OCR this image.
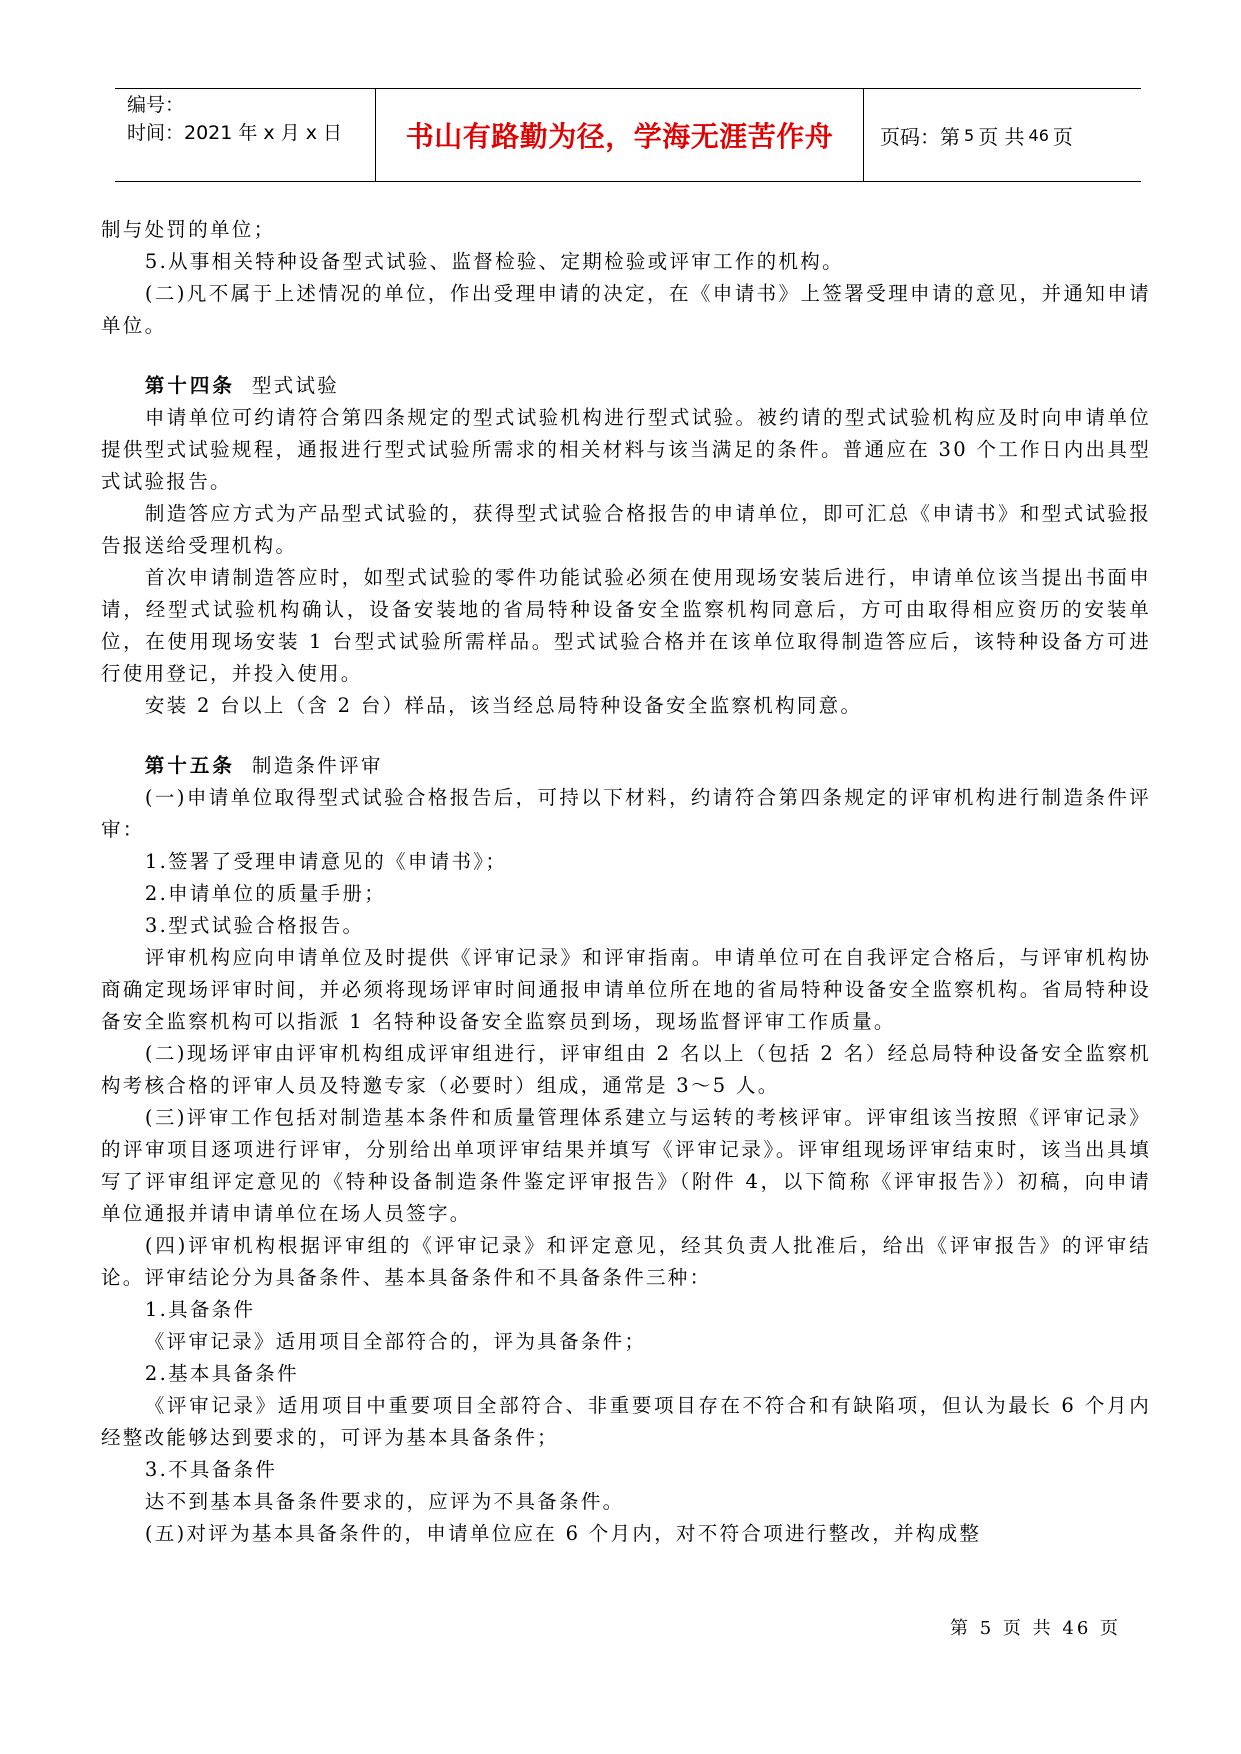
编号：
时间：2021 年 x 月 x 日	书山有路勤为径，学海无涯苦作舟	页码：第 5 页 共 46 页

制与处罚的单位；

5.从事相关特种设备型式试验、监督检验、定期检验或评审工作的机构。

(二)凡不属于上述情况的单位，作出受理申请的决定，在《申请书》上签署受理申请的意见，并通知申请单位。

第十四条 型式试验

申请单位可约请符合第四条规定的型式试验机构进行型式试验。被约请的型式试验机构应及时向申请单位提供型式试验规程，通报进行型式试验所需求的相关材料与该当满足的条件。普通应在 30 个工作日内出具型式试验报告。

制造答应方式为产品型式试验的，获得型式试验合格报告的申请单位，即可汇总《申请书》和型式试验报告报送给受理机构。

首次申请制造答应时，如型式试验的零件功能试验必须在使用现场安装后进行，申请单位该当提出书面申请，经型式试验机构确认，设备安装地的省局特种设备安全监察机构同意后，方可由取得相应资历的安装单位，在使用现场安装 1 台型式试验所需样品。型式试验合格并在该单位取得制造答应后，该特种设备方可进行使用登记，并投入使用。

安装 2 台以上（含 2 台）样品，该当经总局特种设备安全监察机构同意。

第十五条 制造条件评审

(一)申请单位取得型式试验合格报告后，可持以下材料，约请符合第四条规定的评审机构进行制造条件评审：

1.签署了受理申请意见的《申请书》；

2.申请单位的质量手册；

3.型式试验合格报告。

评审机构应向申请单位及时提供《评审记录》和评审指南。申请单位可在自我评定合格后，与评审机构协商确定现场评审时间，并必须将现场评审时间通报申请单位所在地的省局特种设备安全监察机构。省局特种设备安全监察机构可以指派 1 名特种设备安全监察员到场，现场监督评审工作质量。

(二)现场评审由评审机构组成评审组进行，评审组由 2 名以上（包括 2 名）经总局特种设备安全监察机构考核合格的评审人员及特邀专家（必要时）组成，通常是 3～5 人。

(三)评审工作包括对制造基本条件和质量管理体系建立与运转的考核评审。评审组该当按照《评审记录》的评审项目逐项进行评审，分别给出单项评审结果并填写《评审记录》。评审组现场评审结束时，该当出具填写了评审组评定意见的《特种设备制造条件鉴定评审报告》（附件 4，以下简称《评审报告》）初稿，向申请单位通报并请申请单位在场人员签字。

(四)评审机构根据评审组的《评审记录》和评定意见，经其负责人批准后，给出《评审报告》的评审结论。评审结论分为具备条件、基本具备条件和不具备条件三种：

1.具备条件

《评审记录》适用项目全部符合的，评为具备条件；

2.基本具备条件

《评审记录》适用项目中重要项目全部符合、非重要项目存在不符合和有缺陷项，但认为最长 6 个月内经整改能够达到要求的，可评为基本具备条件；

3.不具备条件

达不到基本具备条件要求的，应评为不具备条件。

(五)对评为基本具备条件的，申请单位应在 6 个月内，对不符合项进行整改，并构成整

第 5 页 共 46 页
